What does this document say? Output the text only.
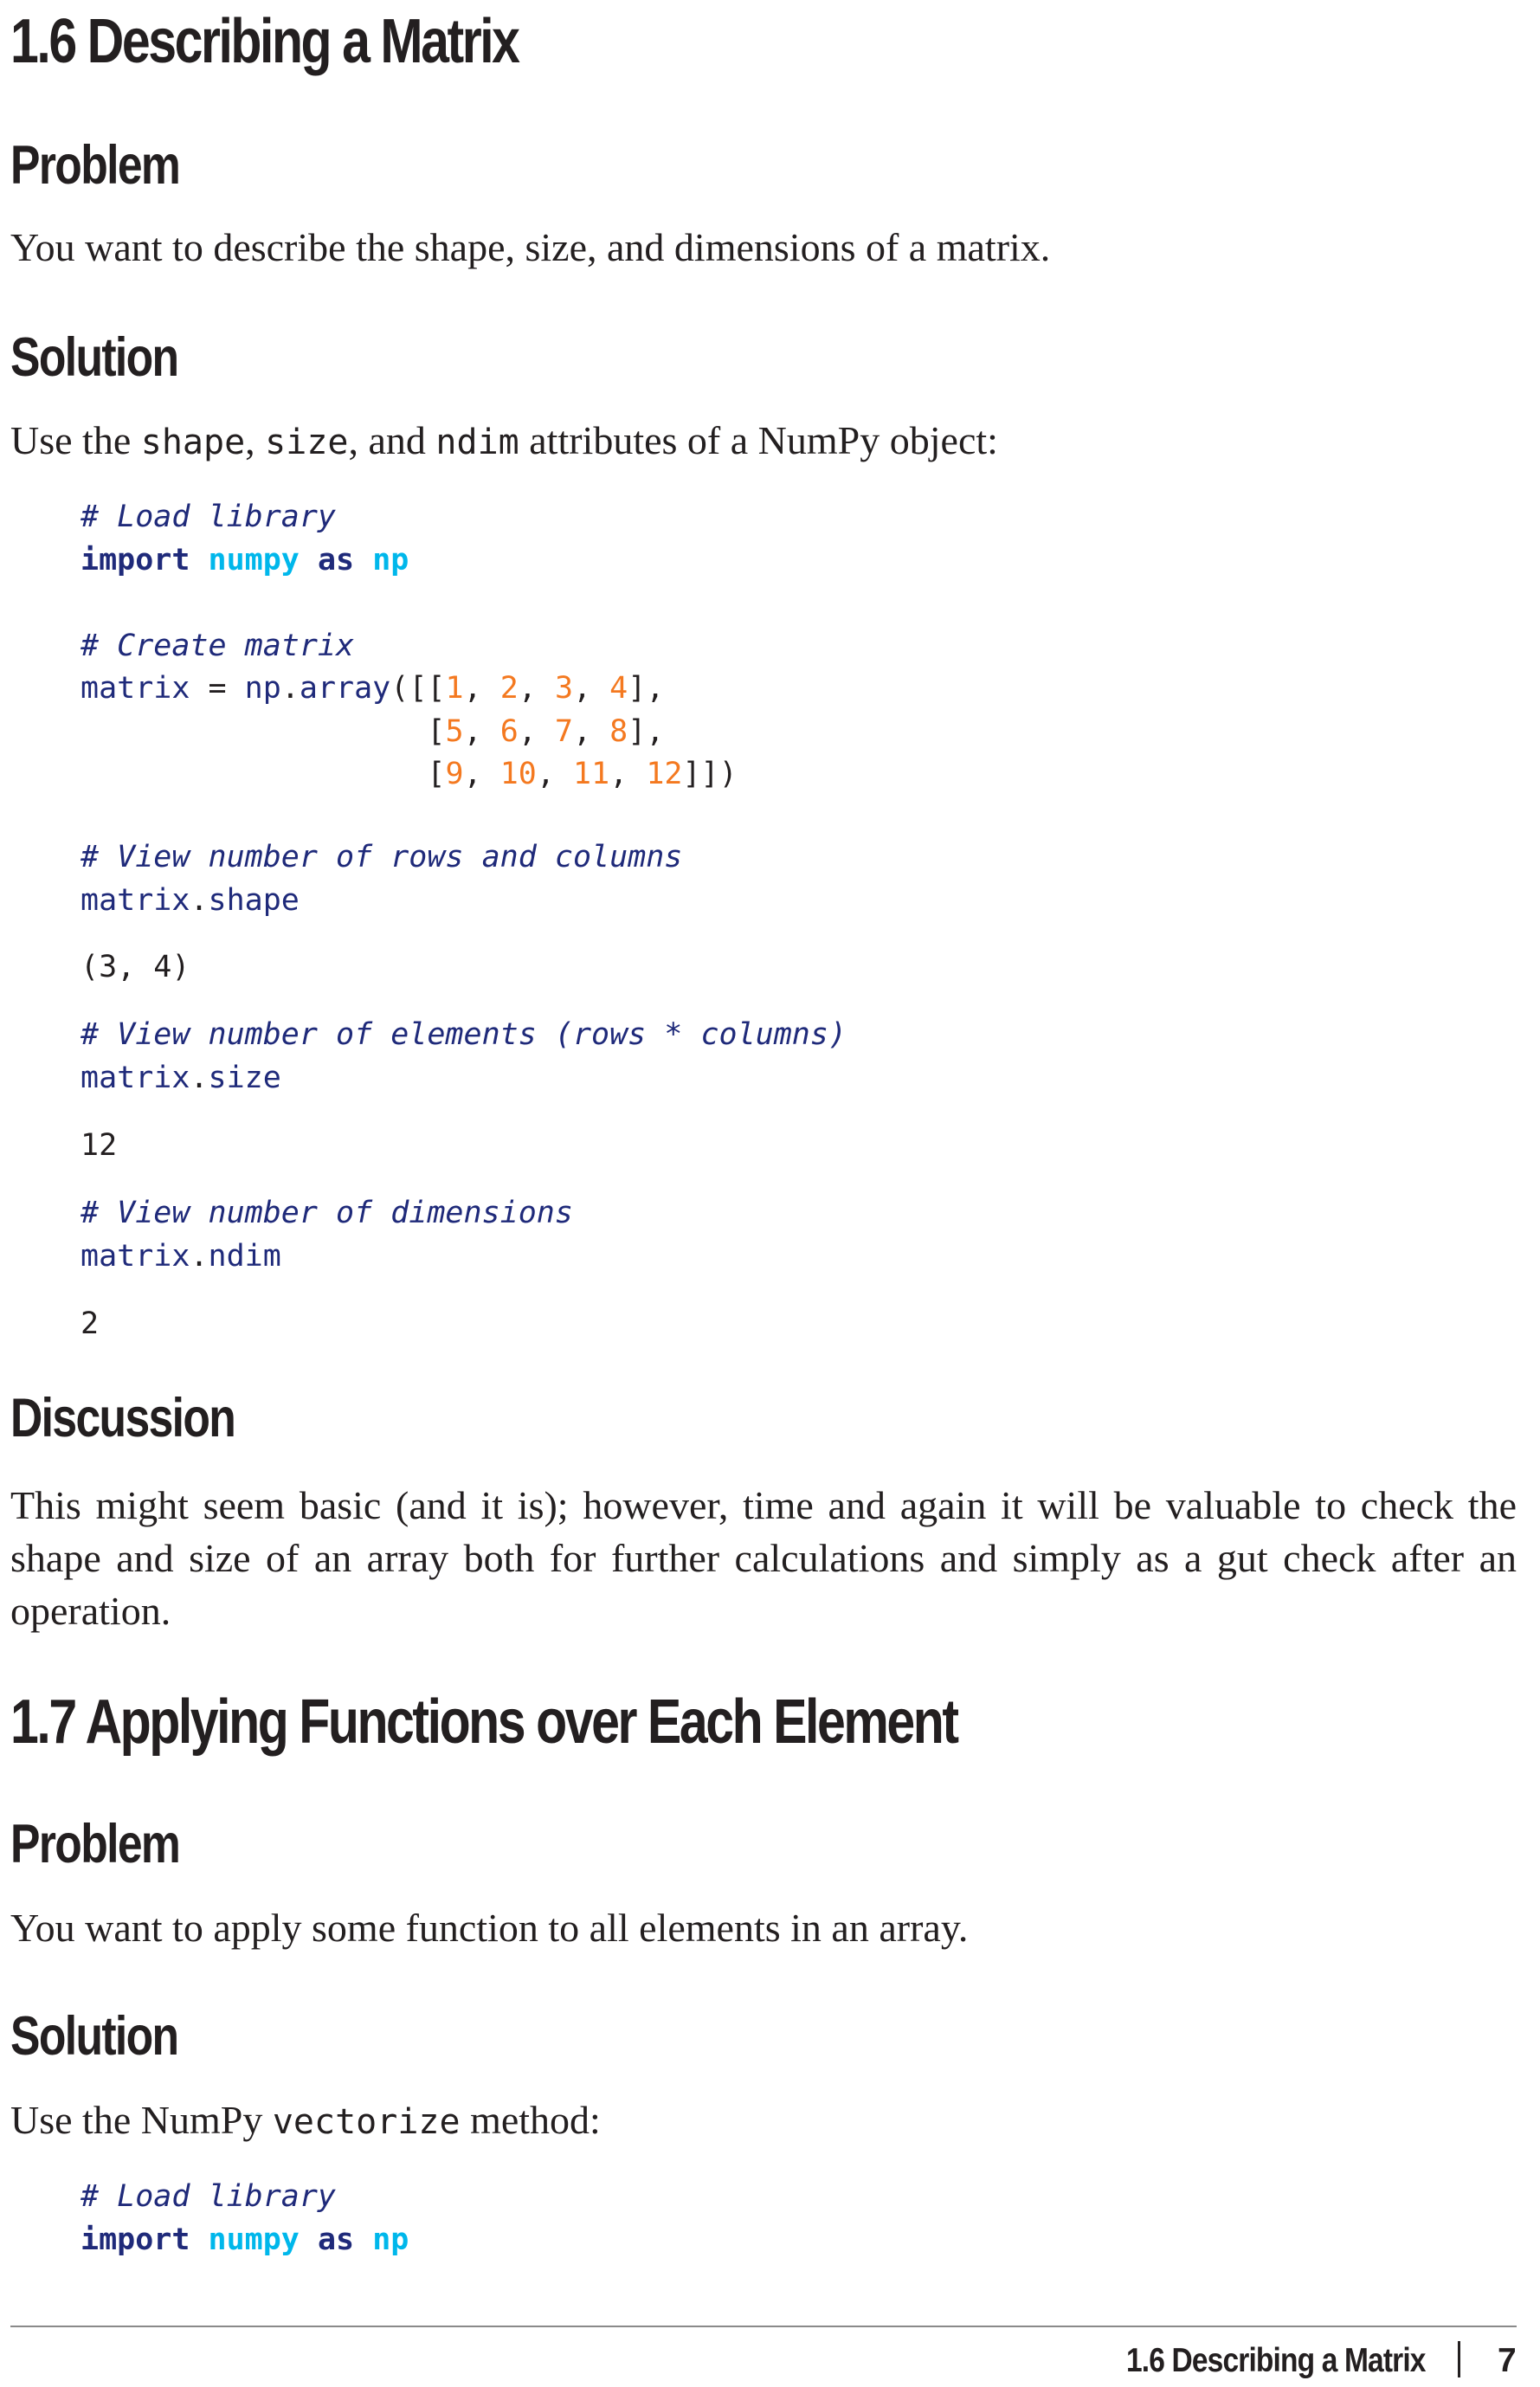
1.6 Describing a Matrix
Problem

You want to describe the shape, size, and dimensions of a matrix.

Solution

Use the shape, size, and ndim attributes of a NumPy object:

# Load library
import numpy as np

# Create matrix
matrix = np.array([[1, 2, 3, 4],
[5, 6, 7, 8],
[9, 10, 11, 12]])
# View number of rows and columns
matrix.shape
(3, 4)
# View number of elements (rows * columns)
matrix.size
12
# View number of dimensions
matrix.ndim
2
Discussion

This might seem basic (and it is); however, time and again it will be valuable to check the shape and size of an array both for further calculations and simply as a gut check after an operation.

1.7 Applying Functions over Each Element
Problem

You want to apply some function to all elements in an array.

Solution

Use the NumPy vectorize method:

# Load library
import numpy as np
1.6 Describing a Matrix 7
